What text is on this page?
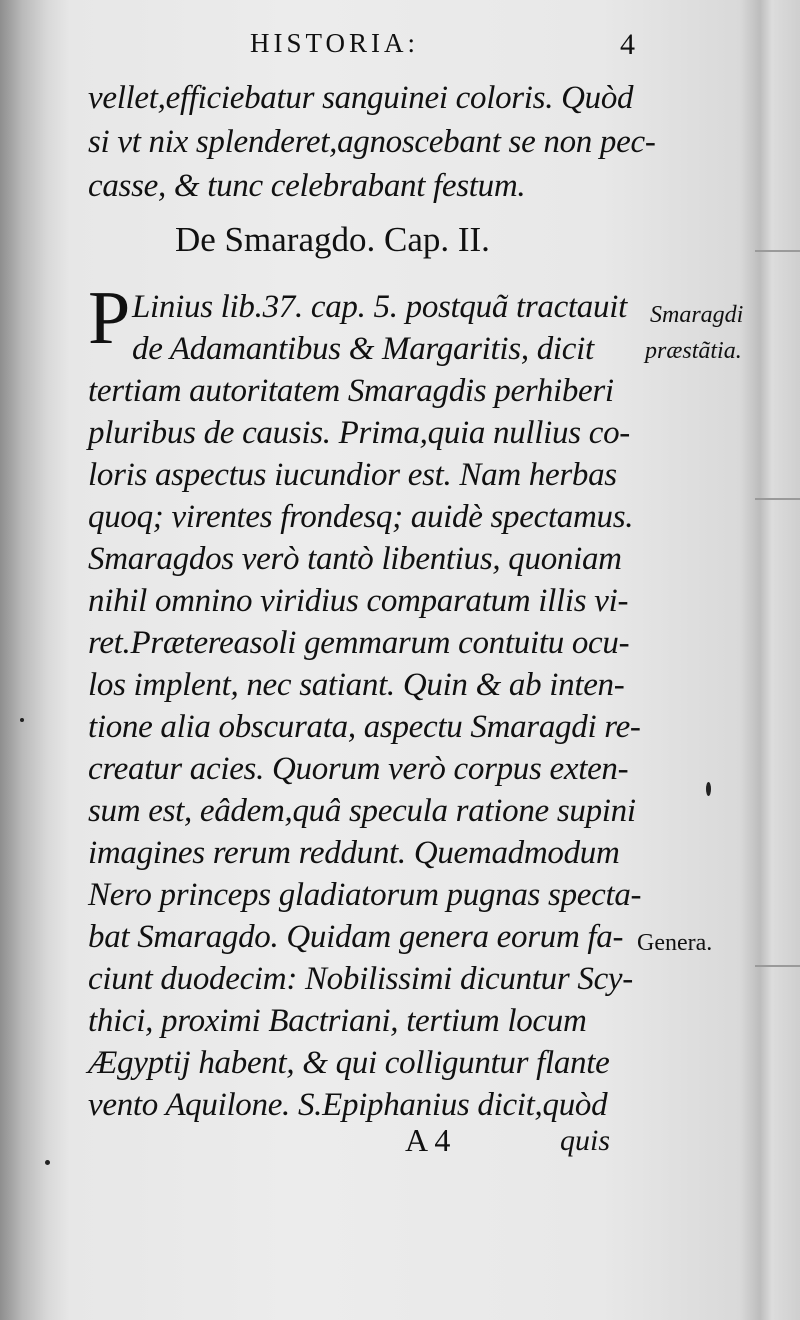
HISTORIA:	4
vellet,efficiebatur sanguinei coloris. Quòd
si vt nix splenderet,agnoscebant se non pec-
casse, & tunc celebrabant festum.
De Smaragdo. Cap. II.
P Linius lib.37. cap. 5. postquã tractauit
de Adamantibus & Margaritis, dicit
tertiam autoritatem Smaragdis perhiberi
pluribus de causis. Prima,quia nullius co-
loris aspectus iucundior est. Nam herbas
quoq; virentes frondesq; auidè spectamus.
Smaragdos verò tantò libentius, quoniam
nihil omnino viridius comparatum illis vi-
ret.Prætereasoli gemmarum contuitu ocu-
los implent, nec satiant. Quin & ab inten-
tione alia obscurata, aspectu Smaragdi re-
creatur acies. Quorum verò corpus exten-
sum est, eâdem,quâ specula ratione supini
imagines rerum reddunt. Quemadmodum
Nero princeps gladiatorum pugnas specta-
bat Smaragdo. Quidam genera eorum fa-
ciunt duodecim: Nobilissimi dicuntur Scy-
thici, proximi Bactriani, tertium locum
Ægyptij habent, & qui colliguntur flante
vento Aquilone. S.Epiphanius dicit,quòd
Smaragdi
præstãtia.
Genera.
A 4	quis
